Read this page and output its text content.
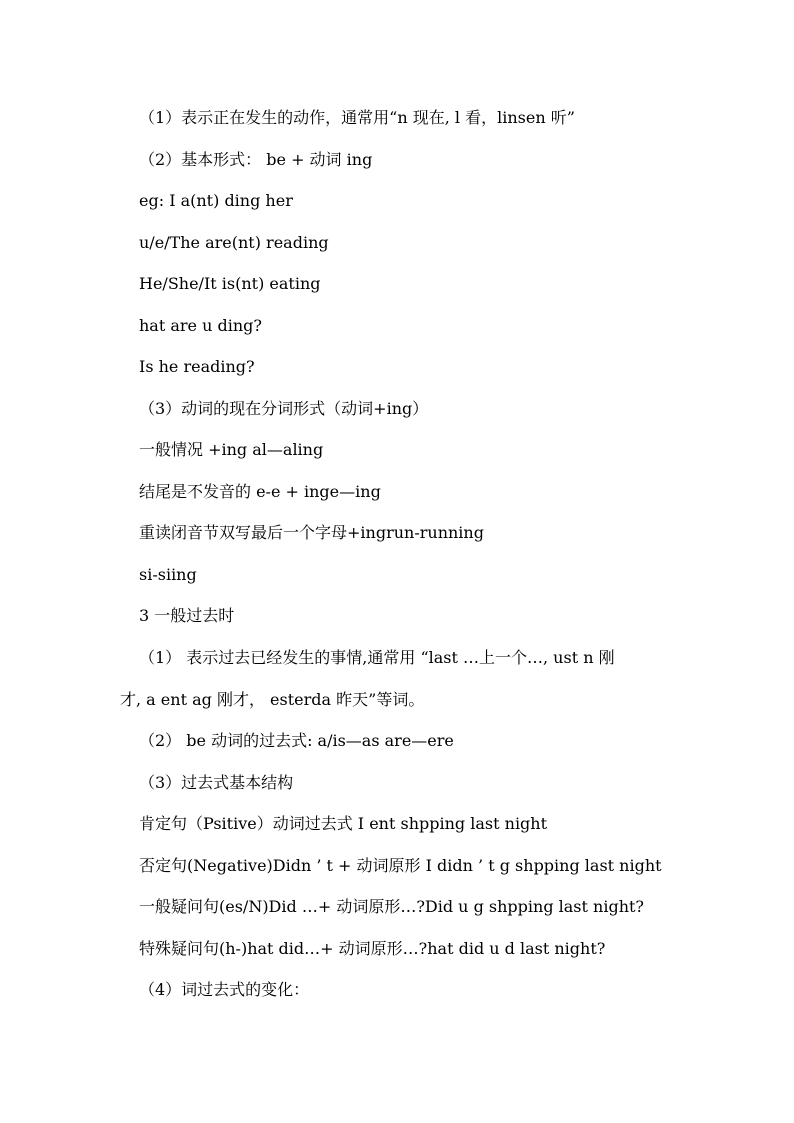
（1）表示正在发生的动作，通常用“n 现在, l 看，linsen 听”
（2）基本形式： be + 动词 ing
eg: I a(nt) ding her
u/e/The are(nt) reading
He/She/It is(nt) eating
hat are u ding?
Is he reading?
（3）动词的现在分词形式（动词+ing）
一般情况 +ing al—aling
结尾是不发音的 e-e + inge—ing
重读闭音节双写最后一个字母+ingrun-running
si-siing
3 一般过去时
（1） 表示过去已经发生的事情,通常用 “last …上一个…, ust n 刚
才, a ent ag 刚才， esterda 昨天”等词。
（2） be 动词的过去式: a/is—as are—ere
（3）过去式基本结构
肯定句（Psitive）动词过去式 I ent shpping last night
否定句(Negative)Didn ’ t + 动词原形 I didn ’ t g shpping last night
一般疑问句(es/N)Did …+ 动词原形…?Did u g shpping last night?
特殊疑问句(h-)hat did…+ 动词原形…?hat did u d last night?
（4）词过去式的变化：
